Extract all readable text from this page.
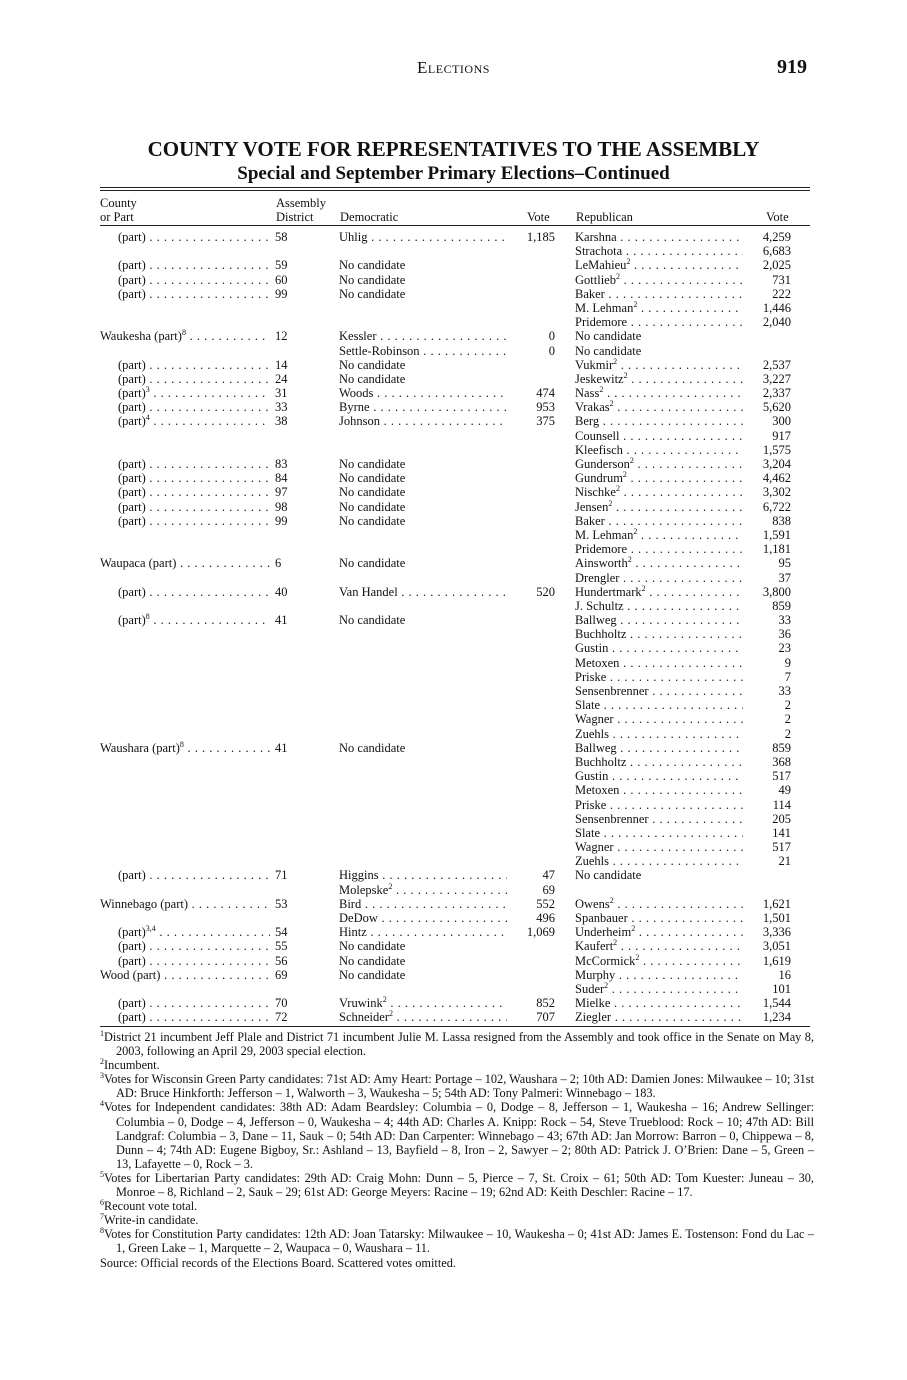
Elections	919
COUNTY VOTE FOR REPRESENTATIVES TO THE ASSEMBLY
Special and September Primary Elections–Continued
County
or Part
Assembly
District Democratic	Vote Republican	Vote
(part) . . .	58	Uhlig . . .	1,185 Karshna . . .	4,259
Strachota . . .	6,683
(part) . . .	59	No candidate	LeMahieu$^2$ . . .	2,025
(part) . . .	60	No candidate	Gottlieb$^2$ . . .	731
(part) . . .	99	No candidate	Baker . . .	222
M. Lehman$^2$ . . .	1,446
Pridemore . . .	2,040
Waukesha (part)$^8$ . . .	12	Kessler . . .	0 No candidate
Settle-Robinson . . .	0 No candidate
(part) . . .	14	No candidate	Vukmir$^2$ . . .	2,537
(part) . . .	24	No candidate	Jeskewitz$^2$ . . .	3,227
(part)$^3$ . . .	31	Woods . . .	474 Nass$^2$ . . .	2,337
(part) . . .	33	Byrne . . .	953 Vrakas$^2$ . . .	5,620
(part)$^4$ . . .	38	Johnson . . .	375 Berg . . .	300
Counsell . . .	917
Kleefisch . . .	1,575
(part) . . .	83	No candidate	Gunderson$^2$ . . .	3,204
(part) . . .	84	No candidate	Gundrum$^2$ . . .	4,462
(part) . . .	97	No candidate	Nischke$^2$ . . .	3,302
(part) . . .	98	No candidate	Jensen$^2$ . . .	6,722
(part) . . .	99	No candidate	Baker . . .	838
M. Lehman$^2$ . . .	1,591
Pridemore . . .	1,181
Waupaca (part) . . .	6	No candidate	Ainsworth$^2$ . . .	95
Drengler . . .	37
(part) . . .	40	Van Handel . . .	520 Hundertmark$^2$ . . .	3,800
J. Schultz . . .	859
(part)$^8$ . . .	41	No candidate	Ballweg . . .	33
Buchholtz . . .	36
Gustin . . .	23
Metoxen . . .	9
Priske . . .	7
Sensenbrenner . . .	33
Slate . . .	2
Wagner . . .	2
Zuehls . . .	2
Waushara (part)$^8$ . . .	41	No candidate	Ballweg . . .	859
Buchholtz . . .	368
Gustin . . .	517
Metoxen . . .	49
Priske . . .	114
Sensenbrenner . . .	205
Slate . . .	141
Wagner . . .	517
Zuehls . . .	21
(part) . . .	71	Higgins . . .	47 No candidate
Molepske$^2$ . . .	69
Winnebago (part) . . .	53	Bird . . .	552 Owens$^2$ . . .	1,621
DeDow . . .	496 Spanbauer . . .	1,501
(part)$^{3,4}$ . . .	54	Hintz . . .	1,069 Underheim$^2$ . . .	3,336
(part) . . .	55	No candidate	Kaufert$^2$ . . .	3,051
(part) . . .	56	No candidate	McCormick$^2$ . . .	1,619
Wood (part) . . .	69	No candidate	Murphy . . .	16
Suder$^2$ . . .	101
(part) . . .	70	Vruwink$^2$ . . .	852 Mielke . . .	1,544
(part) . . .	72	Schneider$^2$ . . .	707 Ziegler . . .	1,234
$^1$District 21 incumbent Jeff Plale and District 71 incumbent Julie M. Lassa resigned from the Assembly and took office in the Senate on May 8, 2003, following an April 29, 2003 special election.
$^2$Incumbent.
$^3$Votes for Wisconsin Green Party candidates: 71st AD: Amy Heart: Portage – 102, Waushara – 2; 10th AD: Damien Jones: Milwaukee – 10; 31st AD: Bruce Hinkforth: Jefferson – 1, Walworth – 3, Waukesha – 5; 54th AD: Tony Palmeri: Winnebago – 183.
$^4$Votes for Independent candidates: 38th AD: Adam Beardsley: Columbia – 0, Dodge – 8, Jefferson – 1, Waukesha – 16; Andrew Sellinger: Columbia – 0, Dodge – 4, Jefferson – 0, Waukesha – 4; 44th AD: Charles A. Knipp: Rock – 54, Steve Trueblood: Rock – 10; 47th AD: Bill Landgraf: Columbia – 3, Dane – 11, Sauk – 0; 54th AD: Dan Carpenter: Winnebago – 43; 67th AD: Jan Morrow: Barron – 0, Chippewa – 8, Dunn – 4; 74th AD: Eugene Bigboy, Sr.: Ashland – 13, Bayfield – 8, Iron – 2, Sawyer – 2; 80th AD: Patrick J. O’Brien: Dane – 5, Green – 13, Lafayette – 0, Rock – 3.
$^5$Votes for Libertarian Party candidates: 29th AD: Craig Mohn: Dunn – 5, Pierce – 7, St. Croix – 61; 50th AD: Tom Kuester: Juneau – 30, Monroe – 8, Richland – 2, Sauk – 29; 61st AD: George Meyers: Racine – 19; 62nd AD: Keith Deschler: Racine – 17.
$^6$Recount vote total.
$^7$Write-in candidate.
$^8$Votes for Constitution Party candidates: 12th AD: Joan Tatarsky: Milwaukee – 10, Waukesha – 0; 41st AD: James E. Tostenson: Fond du Lac – 1, Green Lake – 1, Marquette – 2, Waupaca – 0, Waushara – 11.
Source: Official records of the Elections Board. Scattered votes omitted.
